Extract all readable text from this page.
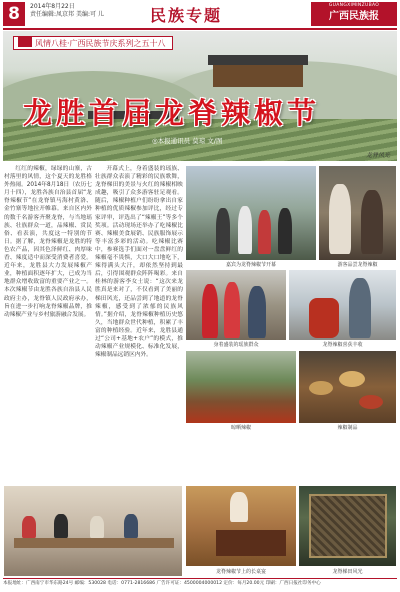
8	2014年8月22日
责任编辑:凤京邦 美编:可 儿	民族专题
GUANGXIMINZUBAO
广西民族报
风情八桂·广西民族节庆系列之五十八
龙胜首届龙脊辣椒节
◎本报通讯员 莫琼 文/图
龙脊风光

红红的辣椒，绿绿的山寨，古村落里的风情，这个夏天的龙胜格外热闹。2014年8月18日（农历七月十四），龙胜各族自治县首届“龙脊辣椒节”在龙脊镇马海村黄洛、金竹寨等地拉开帷幕。来自区内外的数千名游客齐聚龙脊，与当地瑶族、壮族群众一道，品辣椒、赏民俗、看表演，共度这一特别的节日。据了解，龙脊辣椒是龙胜的特色农产品，因其色泽鲜红、肉厚味香、辣度适中而深受消费者喜爱。近年来，龙胜县大力发展辣椒产业，种植面积逐年扩大，已成为当地群众增收致富的重要产业之一。本次辣椒节由龙胜各族自治县人民政府主办，龙脊镇人民政府承办，旨在进一步打响龙脊辣椒品牌，推动辣椒产业与乡村旅游融合发展。

开幕式上，身着盛装的瑶族、壮族群众表演了精彩的民族歌舞，龙脊梯田的美景与火红的辣椒相映成趣，吸引了众多游客驻足观看。随后，辣椒种植户们纷纷拿出自家种植的优质辣椒参加评比，经过专家评审，评选出了“辣椒王”等多个奖项。活动现场还举办了吃辣椒比赛、辣椒美食展销、民族服饰展示等丰富多彩的活动。吃辣椒比赛中，参赛选手们面对一盘盘鲜红的辣椒毫不畏惧，大口大口地吃下，辣得满头大汗，却依然坚持到最后，引得围观群众阵阵喝彩。来自桂林的游客李女士说：“这次来龙胜真是来对了，不仅看到了美丽的梯田风光，还品尝到了地道的龙脊辣椒，感受到了浓郁的民族风情。”据介绍，龙脊辣椒种植历史悠久，当地群众世代种植，积累了丰富的种植经验。近年来，龙胜县通过“公司+基地+农户”的模式，推动辣椒产业规模化、标准化发展，辣椒制品远销区内外。

嘉宾为龙脊辣椒节开幕	游客品尝龙脊辣椒
身着盛装的瑶族群众	龙脊辣椒喜获丰收
晾晒辣椒	辣椒制品
龙脊辣椒节上的长桌宴	龙脊梯田风光
本报地址：广西南宁市华东路24号 邮编：530028 电话：0771-2816686 广告许可证：4500004000012 定价：每月20.00元 印刷：广西日报社印务中心
